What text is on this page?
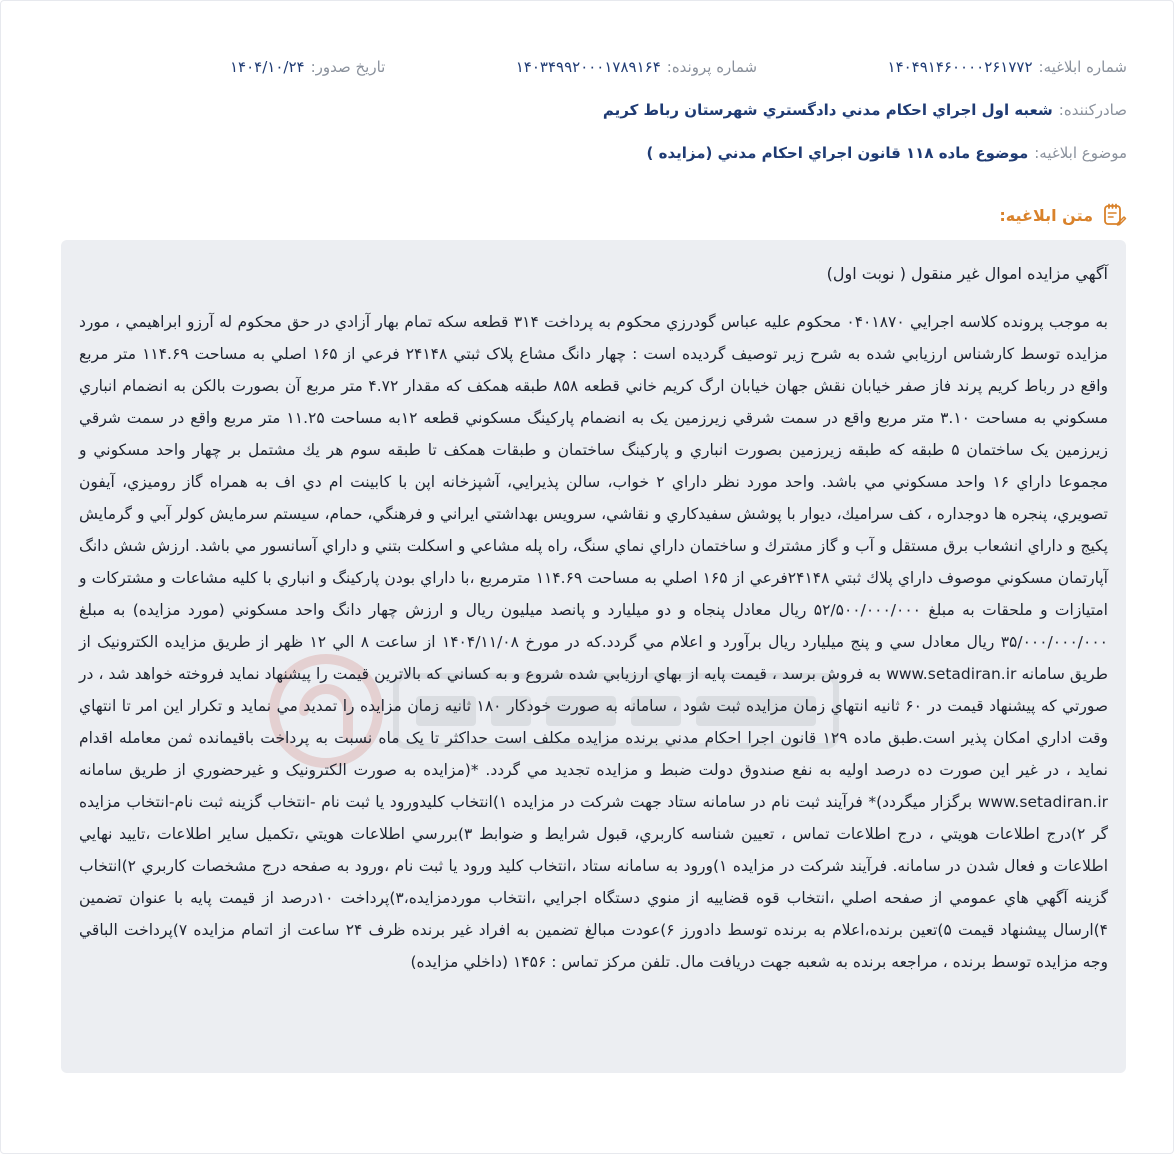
شماره ابلاغيه:
۱۴۰۴۹۱۴۶۰۰۰۰۲۶۱۷۷۲
شماره پرونده:
۱۴۰۳۴۹۹۲۰۰۰۱۷۸۹۱۶۴
تاريخ صدور:
۱۴۰۴/۱۰/۲۴
صادرکننده:
شعبه اول اجراي احكام مدني دادگستري شهرستان رباط كريم
موضوع ابلاغيه:
موضوع ماده ۱۱۸ قانون اجراي احكام مدني (مزايده )
متن ابلاغيه:

آگهي مزايده اموال غير منقول ( نوبت اول)

به موجب پرونده کلاسه اجرايي ۰۴۰۱۸۷۰ محکوم عليه عباس گودرزي محکوم به پرداخت ۳۱۴ قطعه سکه تمام بهار آزادي در حق محکوم له آرزو ابراهيمي ، مورد مزايده توسط کارشناس ارزيابي شده به شرح زير توصيف گرديده است : چهار دانگ مشاع پلاک ثبتي ۲۴۱۴۸ فرعي از ۱۶۵ اصلي به مساحت ۱۱۴.۶۹ متر مربع واقع در رباط کريم پرند فاز صفر خيابان نقش جهان خيابان ارگ کريم خاني قطعه ۸۵۸ طبقه همکف که مقدار ۴.۷۲ متر مربع آن بصورت بالکن به انضمام انباري مسکوني به مساحت ۳.۱۰ متر مربع واقع در سمت شرقي زيرزمين يک به انضمام پارکينگ مسکوني قطعه ۱۲به مساحت ۱۱.۲۵ متر مربع واقع در سمت شرقي زيرزمين يک ساختمان ۵ طبقه که طبقه زيرزمين بصورت انباري و پارکينگ ساختمان و طبقات همکف تا طبقه سوم هر يك مشتمل بر چهار واحد مسکوني و مجموعا داراي ۱۶ واحد مسکوني مي باشد. واحد مورد نظر داراي ۲ خواب، سالن پذيرايي، آشپزخانه اپن با کابينت ام دي اف به همراه گاز روميزي، آيفون تصويري، پنجره ها دوجداره ، کف سراميك، ديوار با پوشش سفيدکاري و نقاشي، سرويس بهداشتي ايراني و فرهنگي، حمام، سيستم سرمايش کولر آبي و گرمايش پکيج و داراي انشعاب برق مستقل و آب و گاز مشترك و ساختمان داراي نماي سنگ، راه پله مشاعي و اسکلت بتني و داراي آسانسور مي باشد. ارزش شش دانگ آپارتمان مسکوني موصوف داراي پلاك ثبتي ۲۴۱۴۸فرعي از ۱۶۵ اصلي به مساحت ۱۱۴.۶۹ مترمربع ،با داراي بودن پارکينگ و انباري با کليه مشاعات و مشترکات و امتيازات و ملحقات به مبلغ ۵۲/۵۰۰/۰۰۰/۰۰۰ ريال معادل پنجاه و دو ميليارد و پانصد ميليون ريال و ارزش چهار دانگ واحد مسکوني (مورد مزايده) به مبلغ ۳۵/۰۰۰/۰۰۰/۰۰۰ ريال معادل سي و پنج ميليارد ريال برآورد و اعلام مي گردد.که در مورخ ۱۴۰۴/۱۱/۰۸ از ساعت ۸ الي ۱۲ ظهر از طريق مزايده الکترونيک از طريق سامانه www.setadiran.ir به فروش برسد ، قيمت پايه از بهاي ارزيابي شده شروع و به کساني که بالاترين قيمت را پيشنهاد نمايد فروخته خواهد شد ، در صورتي که پيشنهاد قيمت در ۶۰ ثانيه انتهاي زمان مزايده ثبت شود ، سامانه به صورت خودکار ۱۸۰ ثانيه زمان مزايده را تمديد مي نمايد و تکرار اين امر تا انتهاي وقت اداري امكان پذير است.طبق ماده ۱۲۹ قانون اجرا احکام مدني برنده مزايده مکلف است حداکثر تا يک ماه نسبت به پرداخت باقيمانده ثمن معامله اقدام نمايد ، در غير اين صورت ده درصد اوليه به نفع صندوق دولت ضبط و مزايده تجديد مي گردد. *(مزايده به صورت الکترونيک و غيرحضوري از طريق سامانه www.setadiran.ir برگزار ميگردد)* فرآيند ثبت نام در سامانه ستاد جهت شرکت در مزايده ۱)انتخاب کليدورود يا ثبت نام -انتخاب گزينه ثبت نام-انتخاب مزايده گر ۲)درج اطلاعات هويتي ، درج اطلاعات تماس ، تعيين شناسه کاربري، قبول شرايط و ضوابط ۳)بررسي اطلاعات هويتي ،تکميل ساير اطلاعات ،تاييد نهايي اطلاعات و فعال شدن در سامانه. فرآيند شرکت در مزايده ۱)ورود به سامانه ستاد ،انتخاب کليد ورود يا ثبت نام ،ورود به صفحه درج مشخصات کاربري ۲)انتخاب گزينه آگهي هاي عمومي از صفحه اصلي ،انتخاب قوه قضاييه از منوي دستگاه اجرايي ،انتخاب موردمزايده،۳)پرداخت ۱۰درصد از قيمت پايه با عنوان تضمين ۴)ارسال پيشنهاد قيمت ۵)تعين برنده،اعلام به برنده توسط دادورز ۶)عودت مبالغ تضمين به افراد غير برنده ظرف ۲۴ ساعت از اتمام مزايده ۷)پرداخت الباقي وجه مزايده توسط برنده ، مراجعه برنده به شعبه جهت دريافت مال. تلفن مرکز تماس : ۱۴۵۶ (داخلي مزايده)
